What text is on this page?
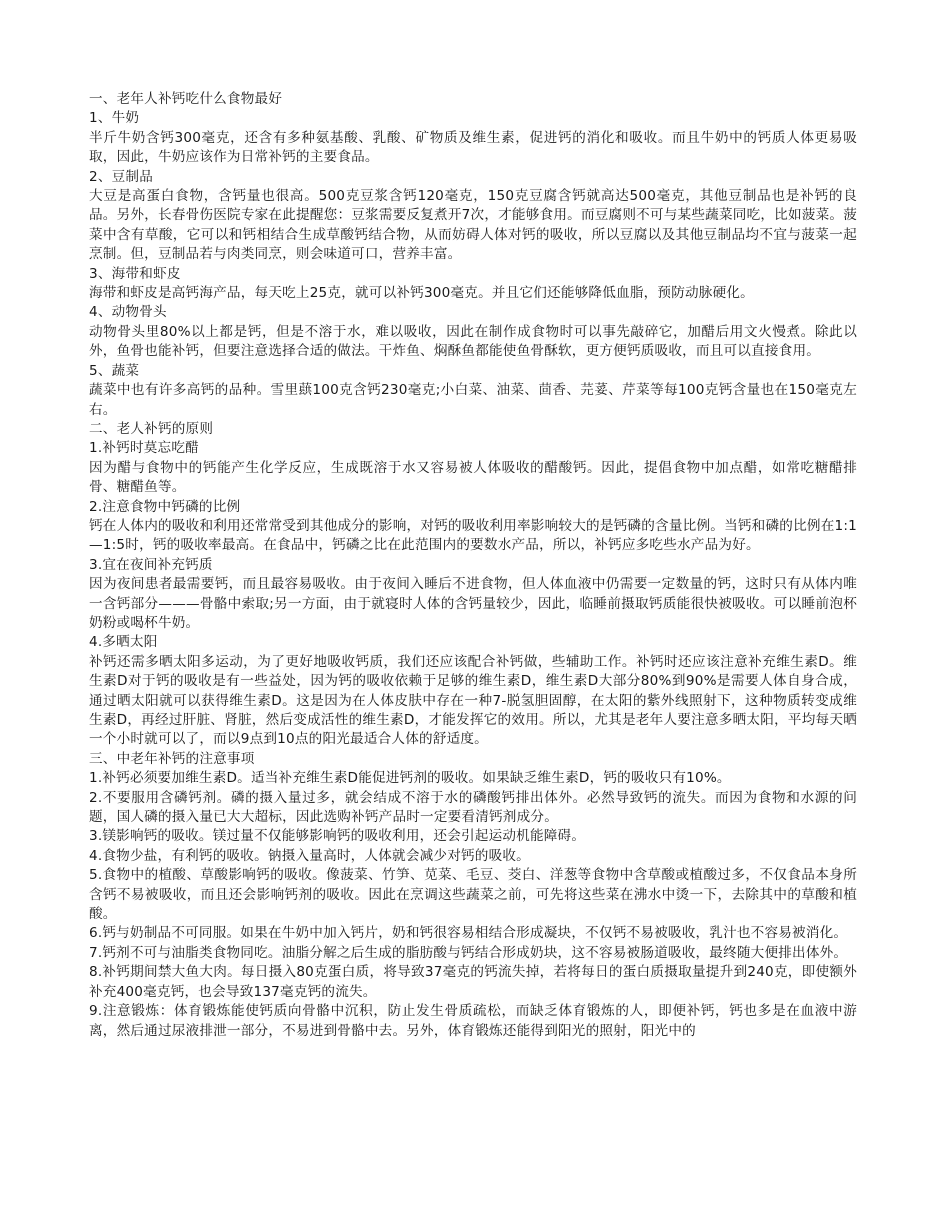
一、老年人补钙吃什么食物最好

1、牛奶

半斤牛奶含钙300毫克，还含有多种氨基酸、乳酸、矿物质及维生素，促进钙的消化和吸收。而且牛奶中的钙质人体更易吸取，因此，牛奶应该作为日常补钙的主要食品。

2、豆制品

大豆是高蛋白食物，含钙量也很高。500克豆浆含钙120毫克，150克豆腐含钙就高达500毫克，其他豆制品也是补钙的良品。另外，长春骨伤医院专家在此提醒您：豆浆需要反复煮开7次，才能够食用。而豆腐则不可与某些蔬菜同吃，比如菠菜。菠菜中含有草酸，它可以和钙相结合生成草酸钙结合物，从而妨碍人体对钙的吸收，所以豆腐以及其他豆制品均不宜与菠菜一起烹制。但，豆制品若与肉类同烹，则会味道可口，营养丰富。

3、海带和虾皮

海带和虾皮是高钙海产品，每天吃上25克，就可以补钙300毫克。并且它们还能够降低血脂，预防动脉硬化。

4、动物骨头

动物骨头里80%以上都是钙，但是不溶于水，难以吸收，因此在制作成食物时可以事先敲碎它，加醋后用文火慢煮。除此以外，鱼骨也能补钙，但要注意选择合适的做法。干炸鱼、焖酥鱼都能使鱼骨酥软，更方便钙质吸收，而且可以直接食用。

5、蔬菜

蔬菜中也有许多高钙的品种。雪里蕻100克含钙230毫克;小白菜、油菜、茴香、芫荽、芹菜等每100克钙含量也在150毫克左右。

二、老人补钙的原则

1.补钙时莫忘吃醋

因为醋与食物中的钙能产生化学反应，生成既溶于水又容易被人体吸收的醋酸钙。因此，提倡食物中加点醋，如常吃糖醋排骨、糖醋鱼等。

2.注意食物中钙磷的比例

钙在人体内的吸收和利用还常常受到其他成分的影响，对钙的吸收利用率影响较大的是钙磷的含量比例。当钙和磷的比例在1:1—1:5时，钙的吸收率最高。在食品中，钙磷之比在此范围内的要数水产品，所以，补钙应多吃些水产品为好。

3.宜在夜间补充钙质

因为夜间患者最需要钙，而且最容易吸收。由于夜间入睡后不进食物，但人体血液中仍需要一定数量的钙，这时只有从体内唯一含钙部分———骨骼中索取;另一方面，由于就寝时人体的含钙量较少，因此，临睡前摄取钙质能很快被吸收。可以睡前泡杯奶粉或喝杯牛奶。

4.多晒太阳

补钙还需多晒太阳多运动，为了更好地吸收钙质，我们还应该配合补钙做，些辅助工作。补钙时还应该注意补充维生素D。维生素D对于钙的吸收是有一些益处，因为钙的吸收依赖于足够的维生素D，维生素D大部分80%到90%是需要人体自身合成，通过晒太阳就可以获得维生素D。这是因为在人体皮肤中存在一种7-脱氢胆固醇，在太阳的紫外线照射下，这种物质转变成维生素D，再经过肝脏、肾脏，然后变成活性的维生素D，才能发挥它的效用。所以，尤其是老年人要注意多晒太阳，平均每天晒一个小时就可以了，而以9点到10点的阳光最适合人体的舒适度。

三、中老年补钙的注意事项

1.补钙必须要加维生素D。适当补充维生素D能促进钙剂的吸收。如果缺乏维生素D，钙的吸收只有10%。

2.不要服用含磷钙剂。磷的摄入量过多，就会结成不溶于水的磷酸钙排出体外。必然导致钙的流失。而因为食物和水源的问题，国人磷的摄入量已大大超标，因此选购补钙产品时一定要看清钙剂成分。

3.镁影响钙的吸收。镁过量不仅能够影响钙的吸收利用，还会引起运动机能障碍。

4.食物少盐，有利钙的吸收。钠摄入量高时，人体就会减少对钙的吸收。

5.食物中的植酸、草酸影响钙的吸收。像菠菜、竹笋、苋菜、毛豆、茭白、洋葱等食物中含草酸或植酸过多，不仅食品本身所含钙不易被吸收，而且还会影响钙剂的吸收。因此在烹调这些蔬菜之前，可先将这些菜在沸水中烫一下，去除其中的草酸和植酸。

6.钙与奶制品不可同服。如果在牛奶中加入钙片，奶和钙很容易相结合形成凝块，不仅钙不易被吸收，乳汁也不容易被消化。

7.钙剂不可与油脂类食物同吃。油脂分解之后生成的脂肪酸与钙结合形成奶块，这不容易被肠道吸收，最终随大便排出体外。

8.补钙期间禁大鱼大肉。每日摄入80克蛋白质，将导致37毫克的钙流失掉，若将每日的蛋白质摄取量提升到240克，即使额外补充400毫克钙，也会导致137毫克钙的流失。

9.注意锻炼：体育锻炼能使钙质向骨骼中沉积，防止发生骨质疏松，而缺乏体育锻炼的人，即便补钙，钙也多是在血液中游离，然后通过尿液排泄一部分，不易进到骨骼中去。另外，体育锻炼还能得到阳光的照射，阳光中的
